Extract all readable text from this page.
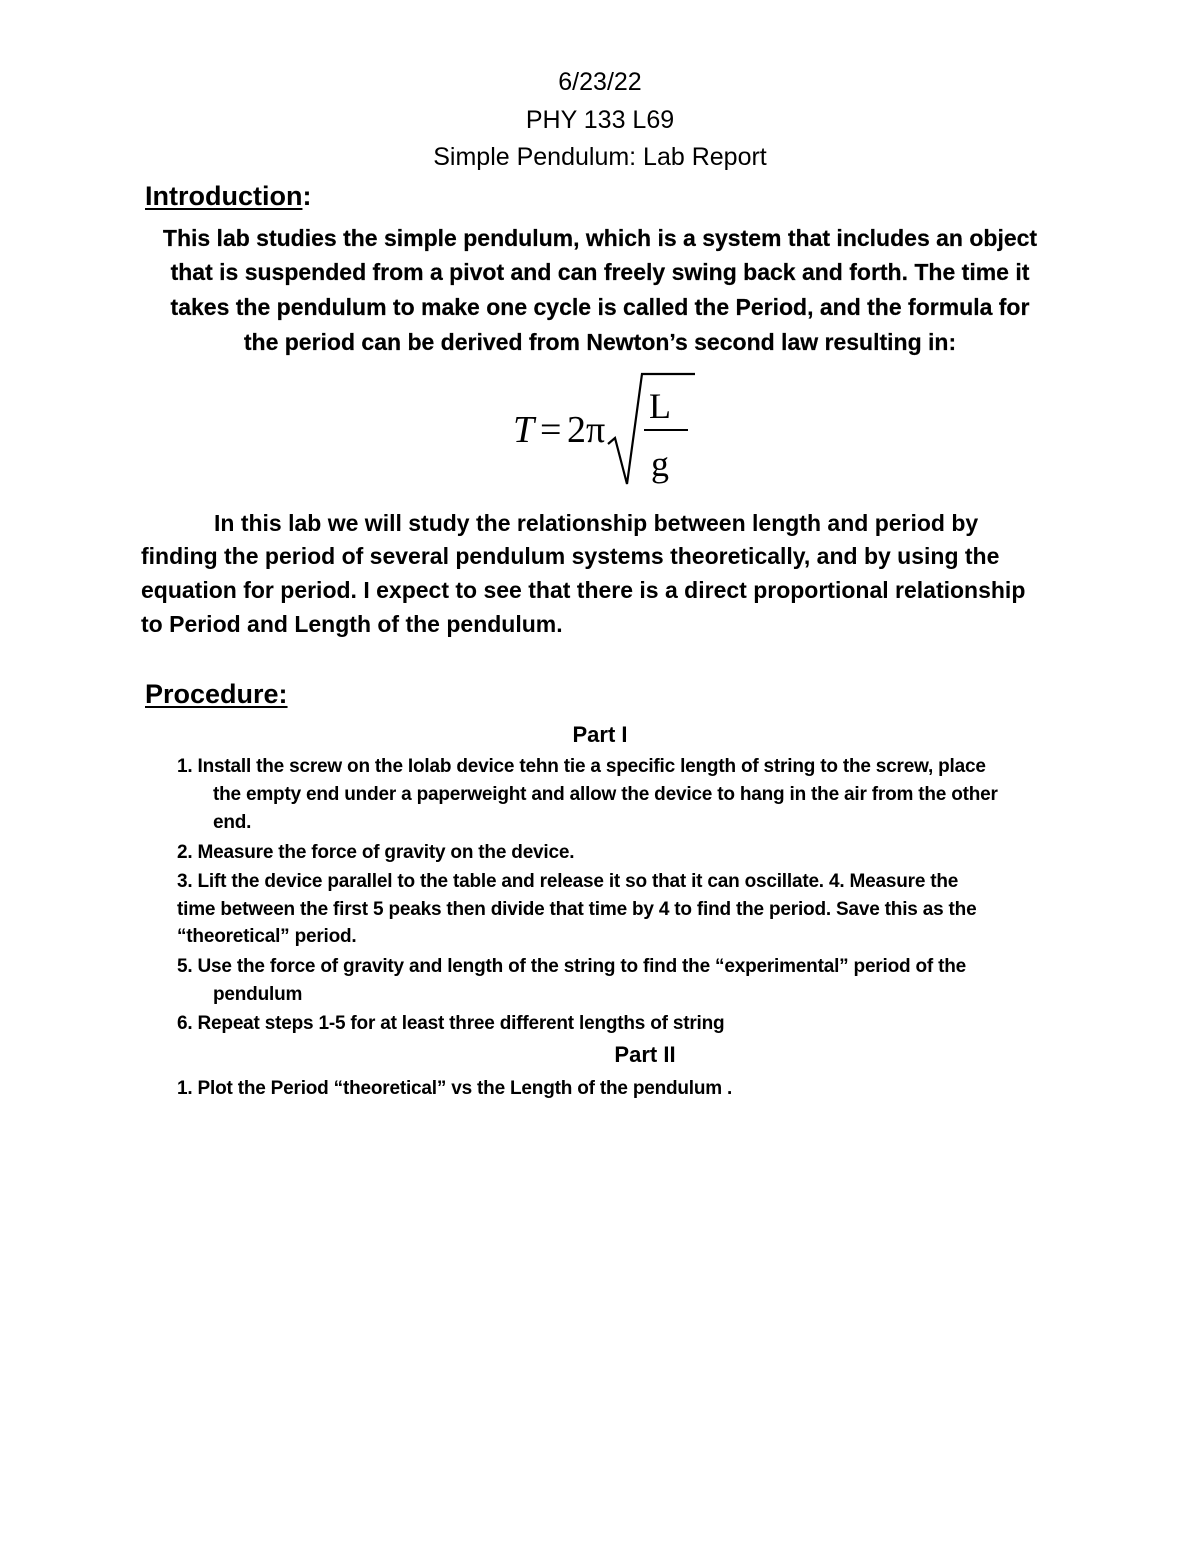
6/23/22
PHY 133 L69
Simple Pendulum: Lab Report
Introduction:
This lab studies the simple pendulum, which is a system that includes an object
that is suspended from a pivot and can freely swing back and forth. The time it
takes the pendulum to make one cycle is called the Period, and the formula for
the period can be derived from Newton’s second law resulting in:
T = 2π
L
g
In this lab we will study the relationship between length and period by
finding the period of several pendulum systems theoretically, and by using the
equation for period. I expect to see that there is a direct proportional relationship
to Period and Length of the pendulum.
Procedure:
Part I
1. Install the screw on the Iolab device tehn tie a specific length of string to the screw, place
the empty end under a paperweight and allow the device to hang in the air from the other
end.
2. Measure the force of gravity on the device.
3. Lift the device parallel to the table and release it so that it can oscillate. 4. Measure the
time between the first 5 peaks then divide that time by 4 to find the period. Save this as the
“theoretical” period.
5. Use the force of gravity and length of the string to find the “experimental” period of the
pendulum
6. Repeat steps 1-5 for at least three different lengths of string
Part II
1. Plot the Period “theoretical” vs the Length of the pendulum .
